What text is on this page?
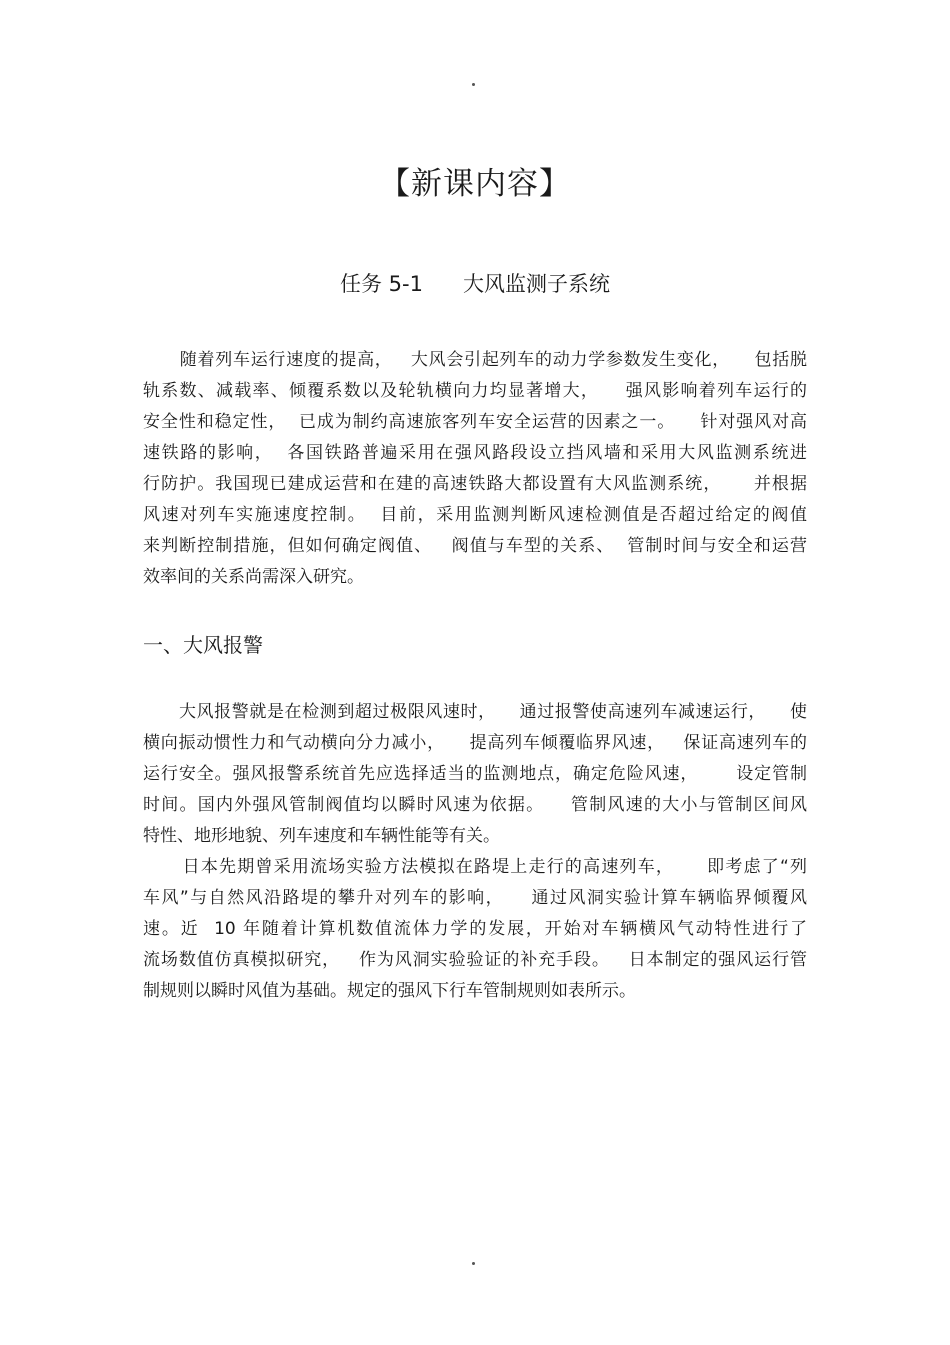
【新课内容】
任务 5-1      大风监测子系统
随着列车运行速度的提高，   大风会引起列车的动力学参数发生变化，    包括脱
轨系数、减载率、倾覆系数以及轮轨横向力均显著增大，    强风影响着列车运行的
安全性和稳定性，  已成为制约高速旅客列车安全运营的因素之一。    针对强风对高
速铁路的影响，  各国铁路普遍采用在强风路段设立挡风墙和采用大风监测系统进
行防护。我国现已建成运营和在建的高速铁路大都设置有大风监测系统，     并根据
风速对列车实施速度控制。  目前，采用监测判断风速检测值是否超过给定的阀值
来判断控制措施，但如何确定阀值、   阀值与车型的关系、  管制时间与安全和运营
效率间的关系尚需深入研究。
一、大风报警
大风报警就是在检测到超过极限风速时，    通过报警使高速列车减速运行，    使
横向振动惯性力和气动横向分力减小，    提高列车倾覆临界风速，   保证高速列车的
运行安全。强风报警系统首先应选择适当的监测地点，确定危险风速，      设定管制
时间。国内外强风管制阀值均以瞬时风速为依据。    管制风速的大小与管制区间风
特性、地形地貌、列车速度和车辆性能等有关。
日本先期曾采用流场实验方法模拟在路堤上走行的高速列车，     即考虑了“列
车风”与自然风沿路堤的攀升对列车的影响，    通过风洞实验计算车辆临界倾覆风
速。近  10 年随着计算机数值流体力学的发展，开始对车辆横风气动特性进行了
流场数值仿真模拟研究，   作为风洞实验验证的补充手段。   日本制定的强风运行管
制规则以瞬时风值为基础。规定的强风下行车管制规则如表所示。
